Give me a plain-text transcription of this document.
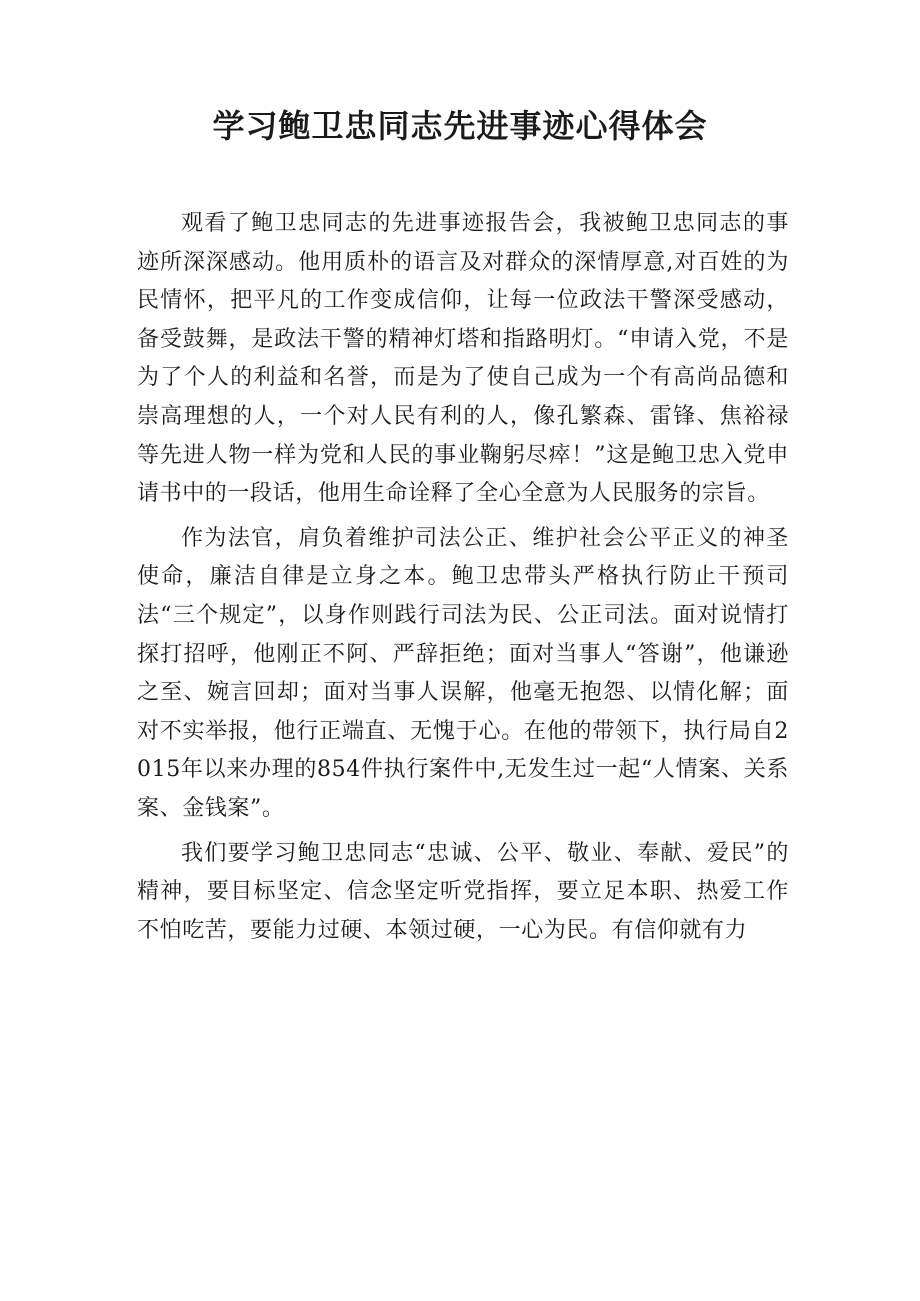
学习鲍卫忠同志先进事迹心得体会

观看了鲍卫忠同志的先进事迹报告会，我被鲍卫忠同志的事迹所深深感动。他用质朴的语言及对群众的深情厚意,对百姓的为民情怀，把平凡的工作变成信仰，让每一位政法干警深受感动，备受鼓舞，是政法干警的精神灯塔和指路明灯。“申请入党，不是为了个人的利益和名誉，而是为了使自己成为一个有高尚品德和崇高理想的人，一个对人民有利的人，像孔繁森、雷锋、焦裕禄等先进人物一样为党和人民的事业鞠躬尽瘁！”这是鲍卫忠入党申请书中的一段话，他用生命诠释了全心全意为人民服务的宗旨。

作为法官，肩负着维护司法公正、维护社会公平正义的神圣使命，廉洁自律是立身之本。鲍卫忠带头严格执行防止干预司法“三个规定”，以身作则践行司法为民、公正司法。面对说情打探打招呼，他刚正不阿、严辞拒绝；面对当事人“答谢”，他谦逊之至、婉言回却；面对当事人误解，他毫无抱怨、以情化解；面对不实举报，他行正端直、无愧于心。在他的带领下，执行局自2015年以来办理的854件执行案件中,无发生过一起“人情案、关系案、金钱案”。

我们要学习鲍卫忠同志“忠诚、公平、敬业、奉献、爱民”的精神，要目标坚定、信念坚定听党指挥，要立足本职、热爱工作不怕吃苦，要能力过硬、本领过硬，一心为民。有信仰就有力
